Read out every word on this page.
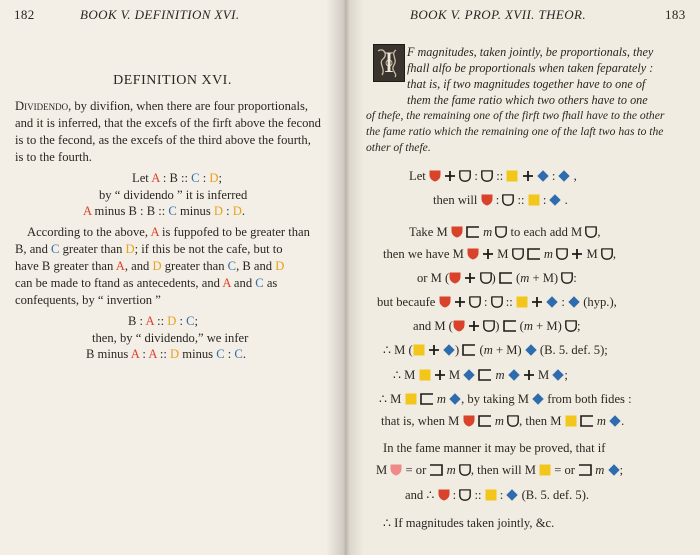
182	BOOK V. DEFINITION XVI.
DEFINITION XVI.
Dividendo, by divifion, when there are four proportionals,
and it is inferred, that the excefs of the firft above the fecond
is to the fecond, as the excefs of the third above the fourth,
is to the fourth.
Let A : B :: C : D;
by “ dividendo ” it is inferred
A minus B : B :: C minus D : D.
According to the above, A is fuppofed to be greater than
B, and C greater than D; if this be not the cafe, but to
have B greater than A, and D greater than C, B and D
can be made to ftand as antecedents, and A and C as
confequents, by “ invertion ”
B : A :: D : C;
then, by “ dividendo,” we infer
B minus A : A :: D minus C : C.
BOOK V. PROP. XVII. THEOR.	183
I	F magnitudes, taken jointly, be proportionals, they
fhall alfo be proportionals when taken feparately :
that is, if two magnitudes together have to one of
them the fame ratio which two others have to one
of thefe, the remaining one of the firft two fhall have to the other
the fame ratio which the remaining one of the laft two has to the
other of thefe.
Let	:  ::	:  ,
then will  :  ::  :  .
Take M	m to each add M ,
then we have M   M	m   M ,
or M (	)  (m + M) :
but becaufe	:  ::	:  (hyp.),
and M (	)  (m + M) ;
∴ M (	)  (m + M)  (B. 5. def. 5);
∴ M   M	m   M ;
∴ M	m , by taking M from both fides :
that is, when M	m , then M	m .
In the fame manner it may be proved, that if
M  = or m , then will M  = or m ;
and ∴  :  ::  :  (B. 5. def. 5).
∴ If magnitudes taken jointly, &c.
